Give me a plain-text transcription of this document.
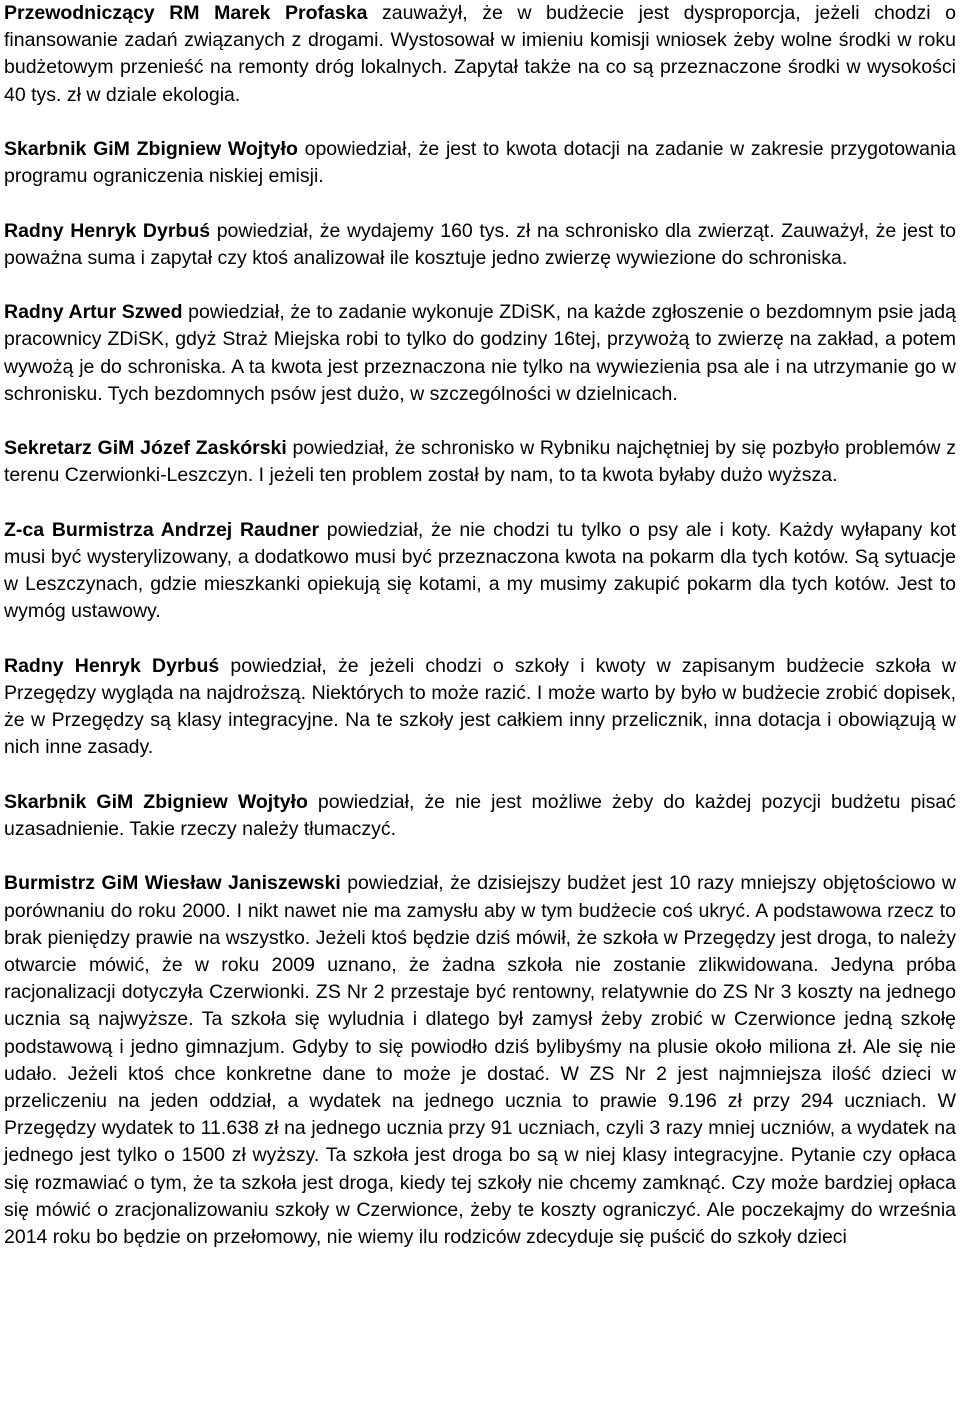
Przewodniczący RM Marek Profaska zauważył, że w budżecie jest dysproporcja, jeżeli chodzi o finansowanie zadań związanych z drogami. Wystosował w imieniu komisji wniosek żeby wolne środki w roku budżetowym przenieść na remonty dróg lokalnych. Zapytał także na co są przeznaczone środki w wysokości 40 tys. zł w dziale ekologia.

Skarbnik GiM Zbigniew Wojtyło opowiedział, że jest to kwota dotacji na zadanie w zakresie przygotowania programu ograniczenia niskiej emisji.

Radny Henryk Dyrbuś powiedział, że wydajemy 160 tys. zł na schronisko dla zwierząt. Zauważył, że jest to poważna suma i zapytał czy ktoś analizował ile kosztuje jedno zwierzę wywiezione do schroniska.

Radny Artur Szwed powiedział, że to zadanie wykonuje ZDiSK, na każde zgłoszenie o bezdomnym psie jadą pracownicy ZDiSK, gdyż Straż Miejska robi to tylko do godziny 16tej, przywożą to zwierzę na zakład, a potem wywożą je do schroniska. A ta kwota jest przeznaczona nie tylko na wywiezienia psa ale i na utrzymanie go w schronisku. Tych bezdomnych psów jest dużo, w szczególności w dzielnicach.

Sekretarz GiM Józef Zaskórski powiedział, że schronisko w Rybniku najchętniej by się pozbyło problemów z terenu Czerwionki-Leszczyn. I jeżeli ten problem został by nam, to ta kwota byłaby dużo wyższa.

Z-ca Burmistrza Andrzej Raudner powiedział, że nie chodzi tu tylko o psy ale i koty. Każdy wyłapany kot musi być wysterylizowany, a dodatkowo musi być przeznaczona kwota na pokarm dla tych kotów. Są sytuacje w Leszczynach, gdzie mieszkanki opiekują się kotami, a my musimy zakupić pokarm dla tych kotów. Jest to wymóg ustawowy.

Radny Henryk Dyrbuś powiedział, że jeżeli chodzi o szkoły i kwoty w zapisanym budżecie szkoła w Przegędzy wygląda na najdroższą. Niektórych to może razić. I może warto by było w budżecie zrobić dopisek, że w Przegędzy są klasy integracyjne. Na te szkoły jest całkiem inny przelicznik, inna dotacja i obowiązują w nich inne zasady.

Skarbnik GiM Zbigniew Wojtyło powiedział, że nie jest możliwe żeby do każdej pozycji budżetu pisać uzasadnienie. Takie rzeczy należy tłumaczyć.

Burmistrz GiM Wiesław Janiszewski powiedział, że dzisiejszy budżet jest 10 razy mniejszy objętościowo w porównaniu do roku 2000. I nikt nawet nie ma zamysłu aby w tym budżecie coś ukryć. A podstawowa rzecz to brak pieniędzy prawie na wszystko. Jeżeli ktoś będzie dziś mówił, że szkoła w Przegędzy jest droga, to należy otwarcie mówić, że w roku 2009 uznano, że żadna szkoła nie zostanie zlikwidowana. Jedyna próba racjonalizacji dotyczyła Czerwionki. ZS Nr 2 przestaje być rentowny, relatywnie do ZS Nr 3 koszty na jednego ucznia są najwyższe. Ta szkoła się wyludnia i dlatego był zamysł żeby zrobić w Czerwionce jedną szkołę podstawową i jedno gimnazjum. Gdyby to się powiodło dziś bylibyśmy na plusie około miliona zł. Ale się nie udało. Jeżeli ktoś chce konkretne dane to może je dostać. W ZS Nr 2 jest najmniejsza ilość dzieci w przeliczeniu na jeden oddział, a wydatek na jednego ucznia to prawie 9.196 zł przy 294 uczniach. W Przegędzy wydatek to 11.638 zł na jednego ucznia przy 91 uczniach, czyli 3 razy mniej uczniów, a wydatek na jednego jest tylko o 1500 zł wyższy. Ta szkoła jest droga bo są w niej klasy integracyjne. Pytanie czy opłaca się rozmawiać o tym, że ta szkoła jest droga, kiedy tej szkoły nie chcemy zamknąć. Czy może bardziej opłaca się mówić o zracjonalizowaniu szkoły w Czerwionce, żeby te koszty ograniczyć. Ale poczekajmy do września 2014 roku bo będzie on przełomowy, nie wiemy ilu rodziców zdecyduje się puścić do szkoły dzieci
